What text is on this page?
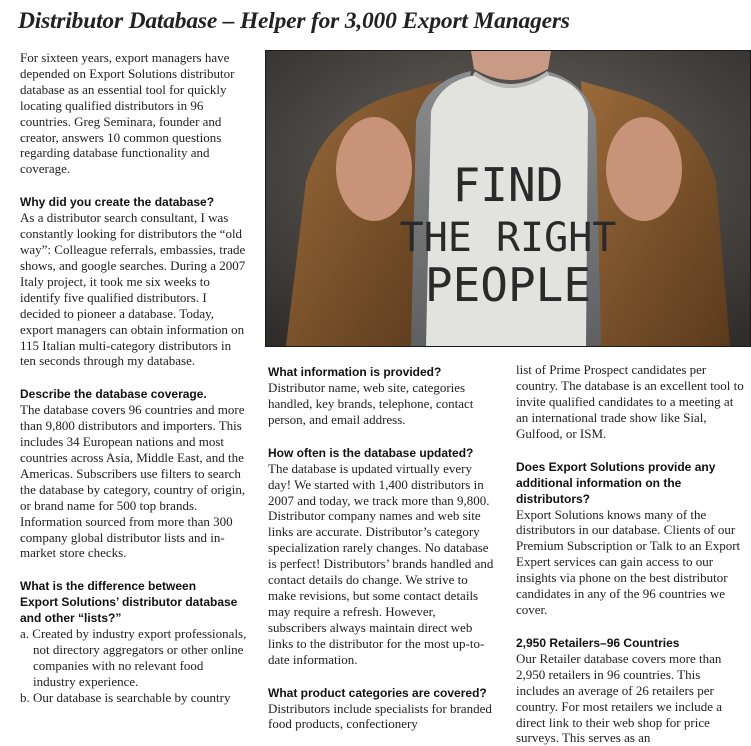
Distributor Database – Helper for 3,000 Export Managers

For sixteen years, export managers have depended on Export Solutions distributor database as an essential tool for quickly locating qualified distributors in 96 countries. Greg Seminara, founder and creator, answers 10 common questions regarding database functionality and coverage.

Why did you create the database?

As a distributor search consultant, I was constantly looking for distributors the “old way”: Colleague referrals, embassies, trade shows, and google searches. During a 2007 Italy project, it took me six weeks to identify five qualified distributors. I decided to pioneer a database. Today, export managers can obtain information on 115 Italian multi-category distributors in ten seconds through my database.

Describe the database coverage.

The database covers 96 countries and more than 9,800 distributors and importers. This includes 34 European nations and most countries across Asia, Middle East, and the Americas. Subscribers use filters to search the database by category, country of origin, or brand name for 500 top brands. Information sourced from more than 300 company global distributor lists and in-market store checks.

What is the difference between
Export Solutions’ distributor database
and other “lists?”
a. Created by industry export professionals, not directory aggregators or other online companies with no relevant food industry experience.
b. Our database is searchable by country
FIND
THE RIGHT
PEOPLE
What information is provided?

Distributor name, web site, categories handled, key brands, telephone, contact person, and email address.

How often is the database updated?

The database is updated virtually every day! We started with 1,400 distributors in 2007 and today, we track more than 9,800. Distributor company names and web site links are accurate. Distributor’s category specialization rarely changes. No database is perfect! Distributors’ brands handled and contact details do change. We strive to make revisions, but some contact details may require a refresh. However, subscribers always maintain direct web links to the distributor for the most up-to-date information.

What product categories are covered?

Distributors include specialists for branded food products, confectionery

list of Prime Prospect candidates per country. The database is an excellent tool to invite qualified candidates to a meeting at an international trade show like Sial, Gulfood, or ISM.

Does Export Solutions provide any
additional information on the distributors?

Export Solutions knows many of the distributors in our database. Clients of our Premium Subscription or Talk to an Export Expert services can gain access to our insights via phone on the best distributor candidates in any of the 96 countries we cover.

2,950 Retailers–96 Countries

Our Retailer database covers more than 2,950 retailers in 96 countries. This includes an average of 26 retailers per country. For most retailers we include a direct link to their web shop for price surveys. This serves as an
